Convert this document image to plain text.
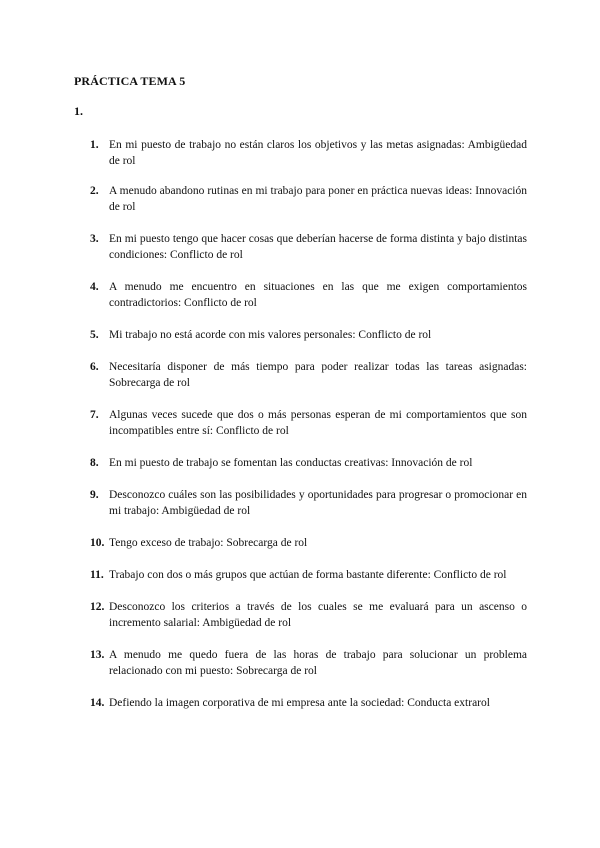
PRÁCTICA TEMA 5
1.
1. En mi puesto de trabajo no están claros los objetivos y las metas asignadas: Ambigüedad de rol
2. A menudo abandono rutinas en mi trabajo para poner en práctica nuevas ideas: Innovación de rol
3. En mi puesto tengo que hacer cosas que deberían hacerse de forma distinta y bajo distintas condiciones: Conflicto de rol
4. A menudo me encuentro en situaciones en las que me exigen comportamientos contradictorios: Conflicto de rol
5. Mi trabajo no está acorde con mis valores personales: Conflicto de rol
6. Necesitaría disponer de más tiempo para poder realizar todas las tareas asignadas: Sobrecarga de rol
7. Algunas veces sucede que dos o más personas esperan de mi comportamientos que son incompatibles entre sí: Conflicto de rol
8. En mi puesto de trabajo se fomentan las conductas creativas: Innovación de rol
9. Desconozco cuáles son las posibilidades y oportunidades para progresar o promocionar en mi trabajo: Ambigüedad de rol
10. Tengo exceso de trabajo: Sobrecarga de rol
11. Trabajo con dos o más grupos que actúan de forma bastante diferente: Conflicto de rol
12. Desconozco los criterios a través de los cuales se me evaluará para un ascenso o incremento salarial: Ambigüedad de rol
13. A menudo me quedo fuera de las horas de trabajo para solucionar un problema relacionado con mi puesto: Sobrecarga de rol
14. Defiendo la imagen corporativa de mi empresa ante la sociedad: Conducta extrarol
